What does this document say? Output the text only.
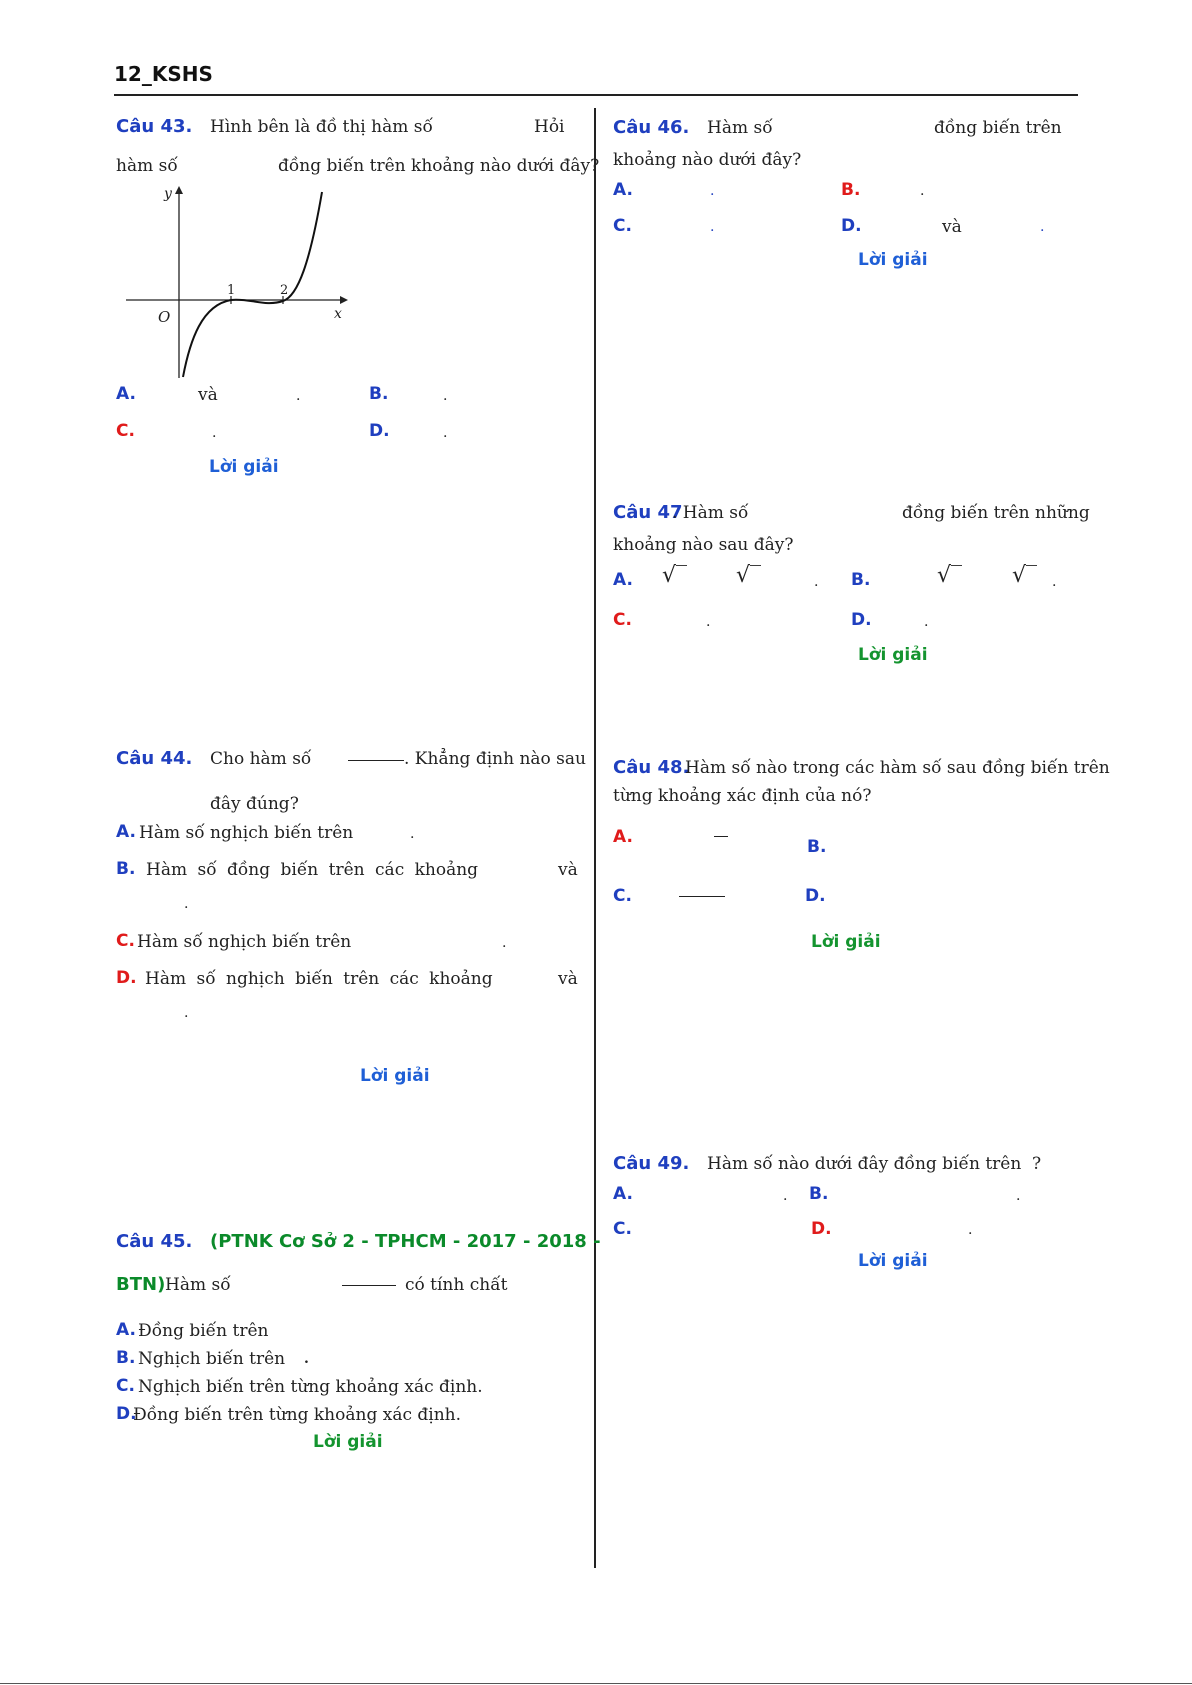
12_KSHS
Câu 43. Hình bên là đồ thị hàm số	Hỏi
hàm số	đồng biến trên khoảng nào dưới đây?
y
x
O
1	2
A.	và	.	B.	.
C.	.	D.	.
Lời giải
Câu 44. Cho hàm số	. Khẳng định nào sau
đây đúng?
A. Hàm số nghịch biến trên	.
B. Hàm số đồng biến trên các khoảng	và
.
C. Hàm số nghịch biến trên	.
D. Hàm số nghịch biến trên các khoảng	và
.
Lời giải
Câu 45. (PTNK Cơ Sở 2 - TPHCM - 2017 - 2018 -
BTN) Hàm số	có tính chất
A. Đồng biến trên
B. Nghịch biến trên .
C. Nghịch biến trên từng khoảng xác định.
D.
Đồng biến trên từng khoảng xác định.
Lời giải
Câu 46. Hàm số	đồng biến trên
khoảng nào dưới đây?
A.	.	B.	.
C.	.	D.	và	.
Lời giải
Câu 47
. Hàm số	đồng biến trên những
khoảng nào sau đây?
A. √‾ √‾	. B.	√‾ √‾ .
C.	.	D.	.
Lời giải
Câu 48.
Hàm số nào trong các hàm số sau đồng biến trên
từng khoảng xác định của nó?
A.	B.
C.	D.
Lời giải
Câu 49. Hàm số nào dưới đây đồng biến trên ?
A.	. B.	.
C.	D.	.
Lời giải
